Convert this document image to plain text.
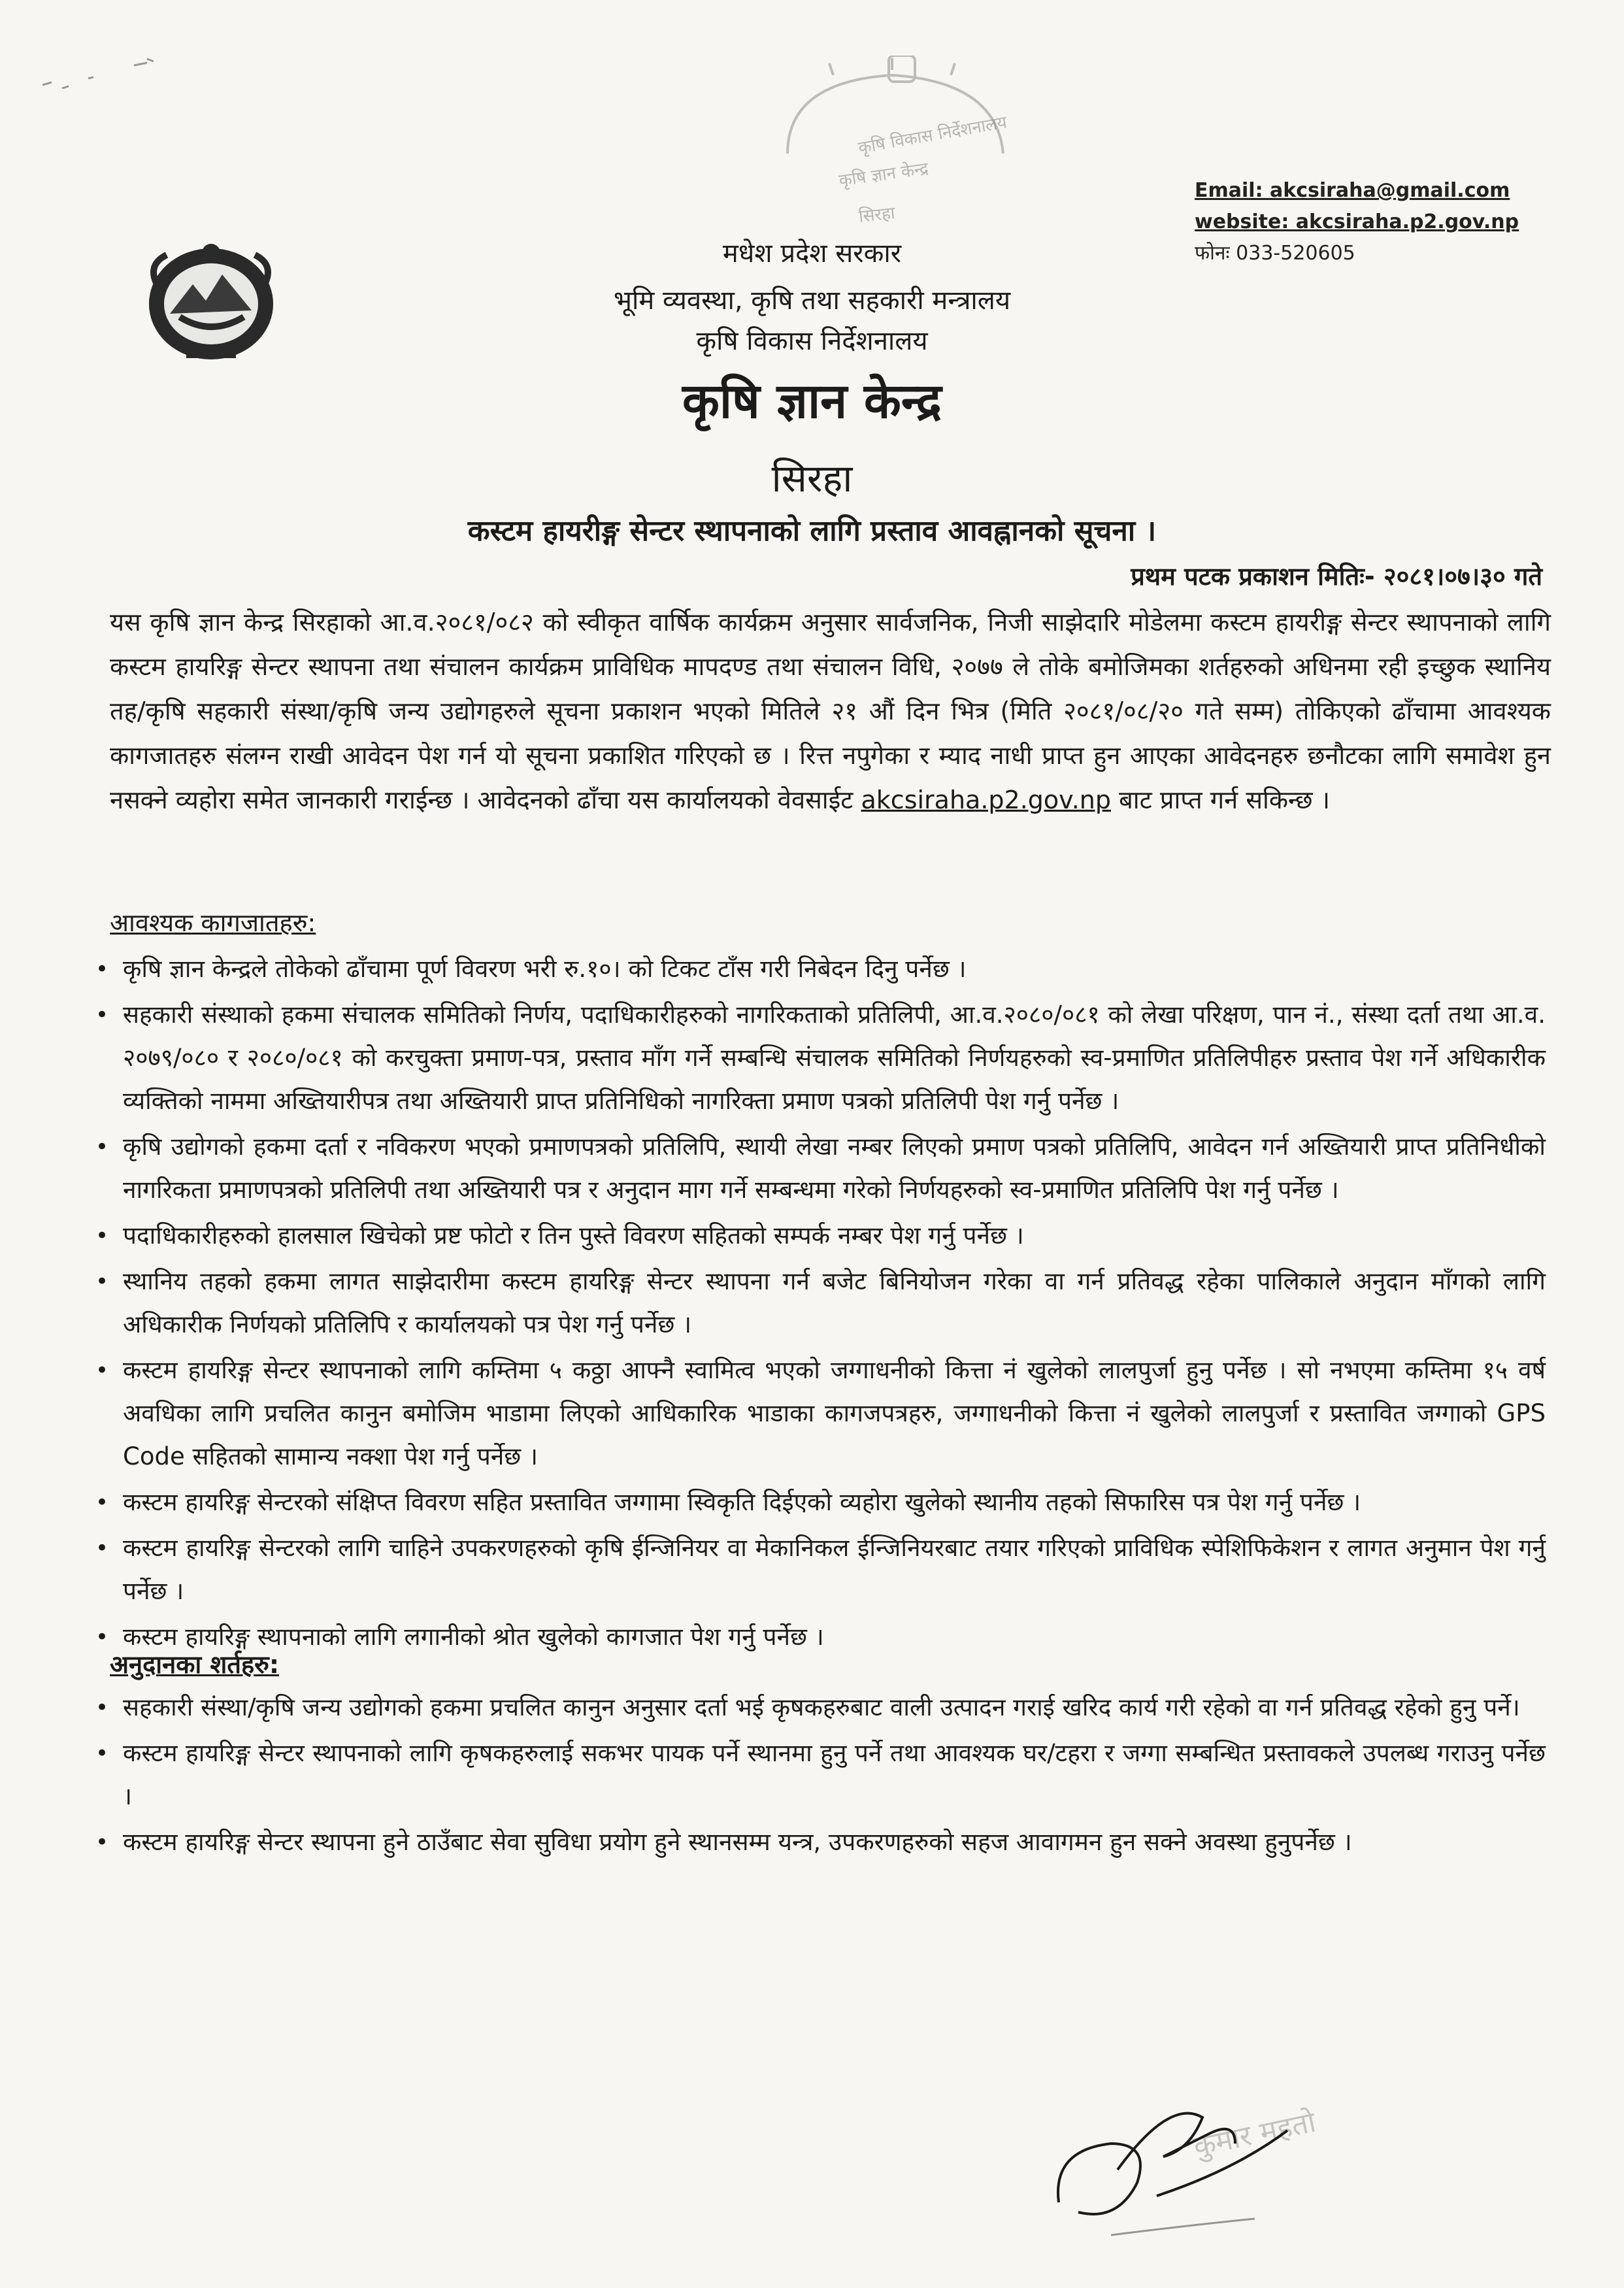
कृषि विकास निर्देशनालय
कृषि ज्ञान केन्द्र
सिरहा
Email: akcsiraha@gmail.com
website: akcsiraha.p2.gov.np
फोनः 033-520605
मधेश प्रदेश सरकार
भूमि व्यवस्था, कृषि तथा सहकारी मन्त्रालय
कृषि विकास निर्देशनालय
कृषि ज्ञान केन्द्र
सिरहा
कस्टम हायरीङ्ग सेन्टर स्थापनाको लागि प्रस्ताव आवह्नानको सूचना ।
प्रथम पटक प्रकाशन मितिः- २०८१।०७।३० गते
यस कृषि ज्ञान केन्द्र सिरहाको आ.व.२०८१/०८२ को स्वीकृत वार्षिक कार्यक्रम अनुसार सार्वजनिक, निजी साझेदारि मोडेलमा कस्टम हायरीङ्ग सेन्टर स्थापनाको लागि कस्टम हायरिङ्ग सेन्टर स्थापना तथा संचालन कार्यक्रम प्राविधिक मापदण्ड तथा संचालन विधि, २०७७ ले तोके बमोजिमका शर्तहरुको अधिनमा रही इच्छुक स्थानिय तह/कृषि सहकारी संस्था/कृषि जन्य उद्योगहरुले सूचना प्रकाशन भएको मितिले २१ औं दिन भित्र (मिति २०८१/०८/२० गते सम्म) तोकिएको ढाँचामा आवश्यक कागजातहरु संलग्न राखी आवेदन पेश गर्न यो सूचना प्रकाशित गरिएको छ । रित्त नपुगेका र म्याद नाधी प्राप्त हुन आएका आवेदनहरु छनौटका लागि समावेश हुन नसक्ने व्यहोरा समेत जानकारी गराईन्छ । आवेदनको ढाँचा यस कार्यालयको वेवसाईट akcsiraha.p2.gov.np बाट प्राप्त गर्न सकिन्छ ।
आवश्यक कागजातहरु:
• कृषि ज्ञान केन्द्रले तोकेको ढाँचामा पूर्ण विवरण भरी रु.१०। को टिकट टाँस गरी निबेदन दिनु पर्नेछ ।
• सहकारी संस्थाको हकमा संचालक समितिको निर्णय, पदाधिकारीहरुको नागरिकताको प्रतिलिपी, आ.व.२०८०/०८१ को लेखा परिक्षण, पान नं., संस्था दर्ता तथा आ.व. २०७९/०८० र २०८०/०८१ को करचुक्ता प्रमाण-पत्र, प्रस्ताव माँग गर्ने सम्बन्धि संचालक समितिको निर्णयहरुको स्व-प्रमाणित प्रतिलिपीहरु प्रस्ताव पेश गर्ने अधिकारीक व्यक्तिको नाममा अख्तियारीपत्र तथा अख्तियारी प्राप्त प्रतिनिधिको नागरिक्ता प्रमाण पत्रको प्रतिलिपी पेश गर्नु पर्नेछ ।
• कृषि उद्योगको हकमा दर्ता र नविकरण भएको प्रमाणपत्रको प्रतिलिपि, स्थायी लेखा नम्बर लिएको प्रमाण पत्रको प्रतिलिपि, आवेदन गर्न अख्तियारी प्राप्त प्रतिनिधीको नागरिकता प्रमाणपत्रको प्रतिलिपी तथा अख्तियारी पत्र र अनुदान माग गर्ने सम्बन्धमा गरेको निर्णयहरुको स्व-प्रमाणित प्रतिलिपि पेश गर्नु पर्नेछ ।
• पदाधिकारीहरुको हालसाल खिचेको प्रष्ट फोटो र तिन पुस्ते विवरण सहितको सम्पर्क नम्बर पेश गर्नु पर्नेछ ।
• स्थानिय तहको हकमा लागत साझेदारीमा कस्टम हायरिङ्ग सेन्टर स्थापना गर्न बजेट बिनियोजन गरेका वा गर्न प्रतिवद्ध रहेका पालिकाले अनुदान माँगको लागि अधिकारीक निर्णयको प्रतिलिपि र कार्यालयको पत्र पेश गर्नु पर्नेछ ।
• कस्टम हायरिङ्ग सेन्टर स्थापनाको लागि कम्तिमा ५ कठ्ठा आफ्नै स्वामित्व भएको जग्गाधनीको कित्ता नं खुलेको लालपुर्जा हुनु पर्नेछ । सो नभएमा कम्तिमा १५ वर्ष अवधिका लागि प्रचलित कानुन बमोजिम भाडामा लिएको आधिकारिक भाडाका कागजपत्रहरु, जग्गाधनीको कित्ता नं खुलेको लालपुर्जा र प्रस्तावित जग्गाको GPS Code सहितको सामान्य नक्शा पेश गर्नु पर्नेछ ।
• कस्टम हायरिङ्ग सेन्टरको संक्षिप्त विवरण सहित प्रस्तावित जग्गामा स्विकृति दिईएको व्यहोरा खुलेको स्थानीय तहको सिफारिस पत्र पेश गर्नु पर्नेछ ।
• कस्टम हायरिङ्ग सेन्टरको लागि चाहिने उपकरणहरुको कृषि ईन्जिनियर वा मेकानिकल ईन्जिनियरबाट तयार गरिएको प्राविधिक स्पेशिफिकेशन र लागत अनुमान पेश गर्नु पर्नेछ ।
• कस्टम हायरिङ्ग स्थापनाको लागि लगानीको श्रोत खुलेको कागजात पेश गर्नु पर्नेछ ।
अनुदानका शर्तहरु:
• सहकारी संस्था/कृषि जन्य उद्योगको हकमा प्रचलित कानुन अनुसार दर्ता भई कृषकहरुबाट वाली उत्पादन गराई खरिद कार्य गरी रहेको वा गर्न प्रतिवद्ध रहेको हुनु पर्ने।
• कस्टम हायरिङ्ग सेन्टर स्थापनाको लागि कृषकहरुलाई सकभर पायक पर्ने स्थानमा हुनु पर्ने तथा आवश्यक घर/टहरा र जग्गा सम्बन्धित प्रस्तावकले उपलब्ध गराउनु पर्नेछ ।
• कस्टम हायरिङ्ग सेन्टर स्थापना हुने ठाउँबाट सेवा सुविधा प्रयोग हुने स्थानसम्म यन्त्र, उपकरणहरुको सहज आवागमन हुन सक्ने अवस्था हुनुपर्नेछ ।
कुमार महतो
